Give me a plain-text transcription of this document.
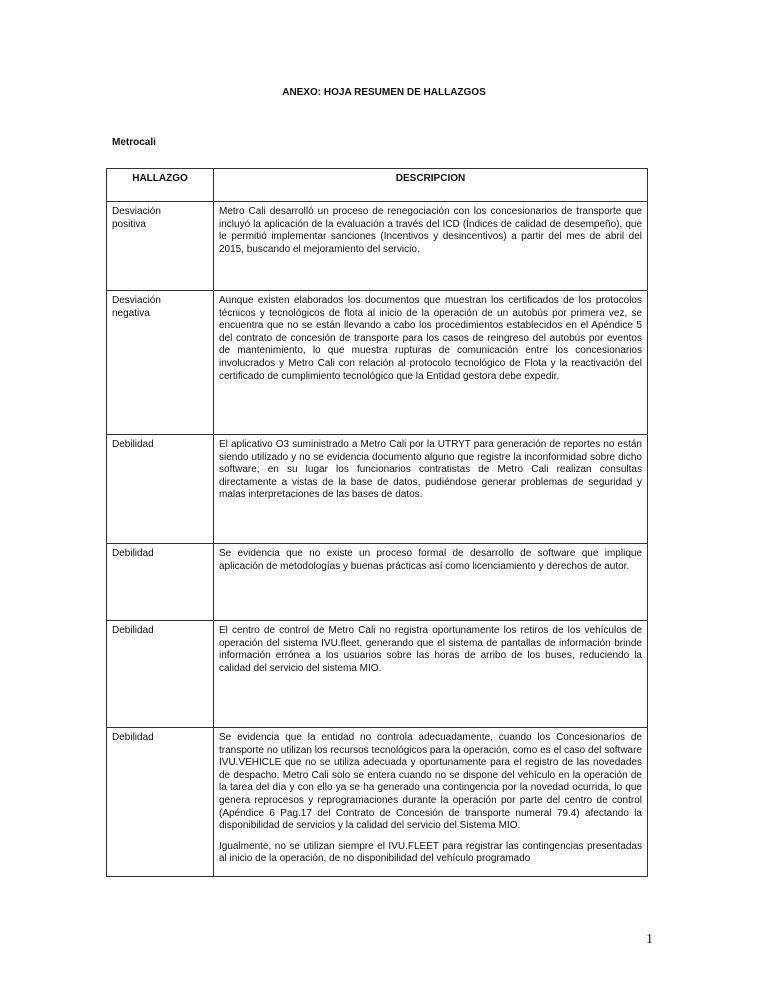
ANEXO: HOJA RESUMEN DE HALLAZGOS
Metrocali
HALLAZGO	DESCRIPCION
Desviación
positiva	Metro Cali desarrolló un proceso de renegociación con los concesionarios de transporte que incluyó la aplicación de la evaluación a través del ICD (Índices de calidad de desempeño), que le permitió implementar sanciones (Incentivos y desincentivos) a partir del mes de abril del 2015, buscando el mejoramiento del servicio.

Desviación
negativa	Aunque existen elaborados los documentos que muestran los certificados de los protocolos técnicos y tecnológicos de flota al inicio de la operación de un autobús por primera vez, se encuentra que no se están llevando a cabo los procedimientos establecidos en el Apéndice 5 del contrato de concesión de transporte para los casos de reingreso del autobús por eventos de mantenimiento, lo que muestra rupturas de comunicación entre los concesionarios involucrados y Metro Cali con relación al protocolo tecnológico de Flota y la reactivación del certificado de cumplimiento tecnológico que la Entidad gestora debe expedir.

Debilidad	El aplicativo O3 suministrado a Metro Cali por la UTRYT para generación de reportes no están siendo utilizado y no se evidencia documento alguno que registre la inconformidad sobre dicho software; en su lugar los funcionarios contratistas de Metro Cali realizan consultas directamente a vistas de la base de datos, pudiéndose generar problemas de seguridad y malas interpretaciones de las bases de datos.

Debilidad	Se evidencia que no existe un proceso formal de desarrollo de software que implique aplicación de metodologías y buenas prácticas así como licenciamiento y derechos de autor.

Debilidad	El centro de control de Metro Cali no registra oportunamente los retiros de los vehículos de operación del sistema IVU.fleet, generando que el sistema de pantallas de información brinde información errónea a los usuarios sobre las horas de arribo de los buses, reduciendo la calidad del servicio del sistema MIO.

Debilidad	Se evidencia que la entidad no controla adecuadamente, cuando los Concesionarios de transporte no utilizan los recursos tecnológicos para la operación, como es el caso del software IVU.VEHICLE que no se utiliza adecuada y oportunamente para el registro de las novedades de despacho. Metro Cali solo se entera cuando no se dispone del vehículo en la operación de la tarea del día y con ello ya se ha generado una contingencia por la novedad ocurrida, lo que genera reprocesos y reprogramaciones durante la operación por parte del centro de control (Apéndice 6 Pag.17 del Contrato de Concesión de transporte numeral 79.4) afectando la disponibilidad de servicios y la calidad del servicio del Sistema MIO.

Igualmente, no se utilizan siempre el IVU.FLEET para registrar las contingencias presentadas al inicio de la operación, de no disponibilidad del vehículo programado

1
